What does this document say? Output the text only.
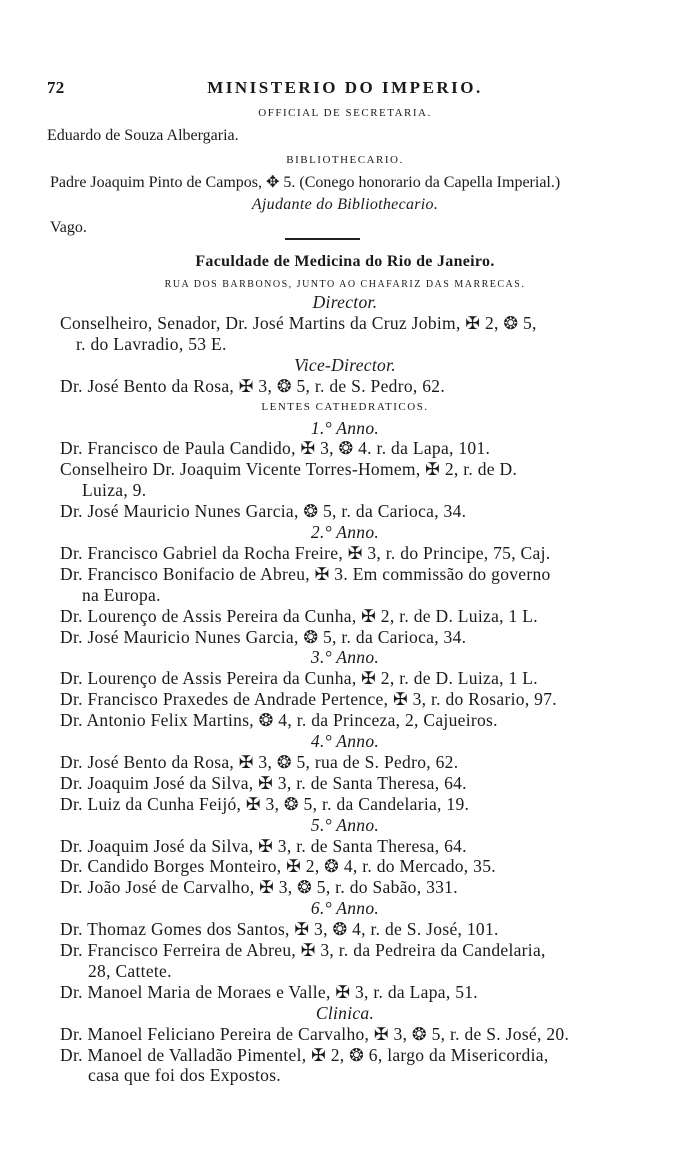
72	MINISTERIO DO IMPERIO.
OFFICIAL DE SECRETARIA.
Eduardo de Souza Albergaria.
BIBLIOTHECARIO.
Padre Joaquim Pinto de Campos, ✥ 5. (Conego honorario da Capella Imperial.)
Ajudante do Bibliothecario.
Vago.
Faculdade de Medicina do Rio de Janeiro.
RUA DOS BARBONOS, JUNTO AO CHAFARIZ DAS MARRECAS.
Director.
Conselheiro, Senador, Dr. José Martins da Cruz Jobim, ✠ 2, ❂ 5,
r. do Lavradio, 53 E.
Vice-Director.
Dr. José Bento da Rosa, ✠ 3, ❂ 5, r. de S. Pedro, 62.
LENTES CATHEDRATICOS.
1.° Anno.
Dr. Francisco de Paula Candido, ✠ 3, ❂ 4. r. da Lapa, 101.
Conselheiro Dr. Joaquim Vicente Torres-Homem, ✠ 2, r. de D.
Luiza, 9.
Dr. José Mauricio Nunes Garcia, ❂ 5, r. da Carioca, 34.
2.° Anno.
Dr. Francisco Gabriel da Rocha Freire, ✠ 3, r. do Principe, 75, Caj.
Dr. Francisco Bonifacio de Abreu, ✠ 3. Em commissão do governo
na Europa.
Dr. Lourenço de Assis Pereira da Cunha, ✠ 2, r. de D. Luiza, 1 L.
Dr. José Mauricio Nunes Garcia, ❂ 5, r. da Carioca, 34.
3.° Anno.
Dr. Lourenço de Assis Pereira da Cunha, ✠ 2, r. de D. Luiza, 1 L.
Dr. Francisco Praxedes de Andrade Pertence, ✠ 3, r. do Rosario, 97.
Dr. Antonio Felix Martins, ❂ 4, r. da Princeza, 2, Cajueiros.
4.° Anno.
Dr. José Bento da Rosa, ✠ 3, ❂ 5, rua de S. Pedro, 62.
Dr. Joaquim José da Silva, ✠ 3, r. de Santa Theresa, 64.
Dr. Luiz da Cunha Feijó, ✠ 3, ❂ 5, r. da Candelaria, 19.
5.° Anno.
Dr. Joaquim José da Silva, ✠ 3, r. de Santa Theresa, 64.
Dr. Candido Borges Monteiro, ✠ 2, ❂ 4, r. do Mercado, 35.
Dr. João José de Carvalho, ✠ 3, ❂ 5, r. do Sabão, 331.
6.° Anno.
Dr. Thomaz Gomes dos Santos, ✠ 3, ❂ 4, r. de S. José, 101.
Dr. Francisco Ferreira de Abreu, ✠ 3, r. da Pedreira da Candelaria,
28, Cattete.
Dr. Manoel Maria de Moraes e Valle, ✠ 3, r. da Lapa, 51.
Clinica.
Dr. Manoel Feliciano Pereira de Carvalho, ✠ 3, ❂ 5, r. de S. José, 20.
Dr. Manoel de Valladão Pimentel, ✠ 2, ❂ 6, largo da Misericordia,
casa que foi dos Expostos.
